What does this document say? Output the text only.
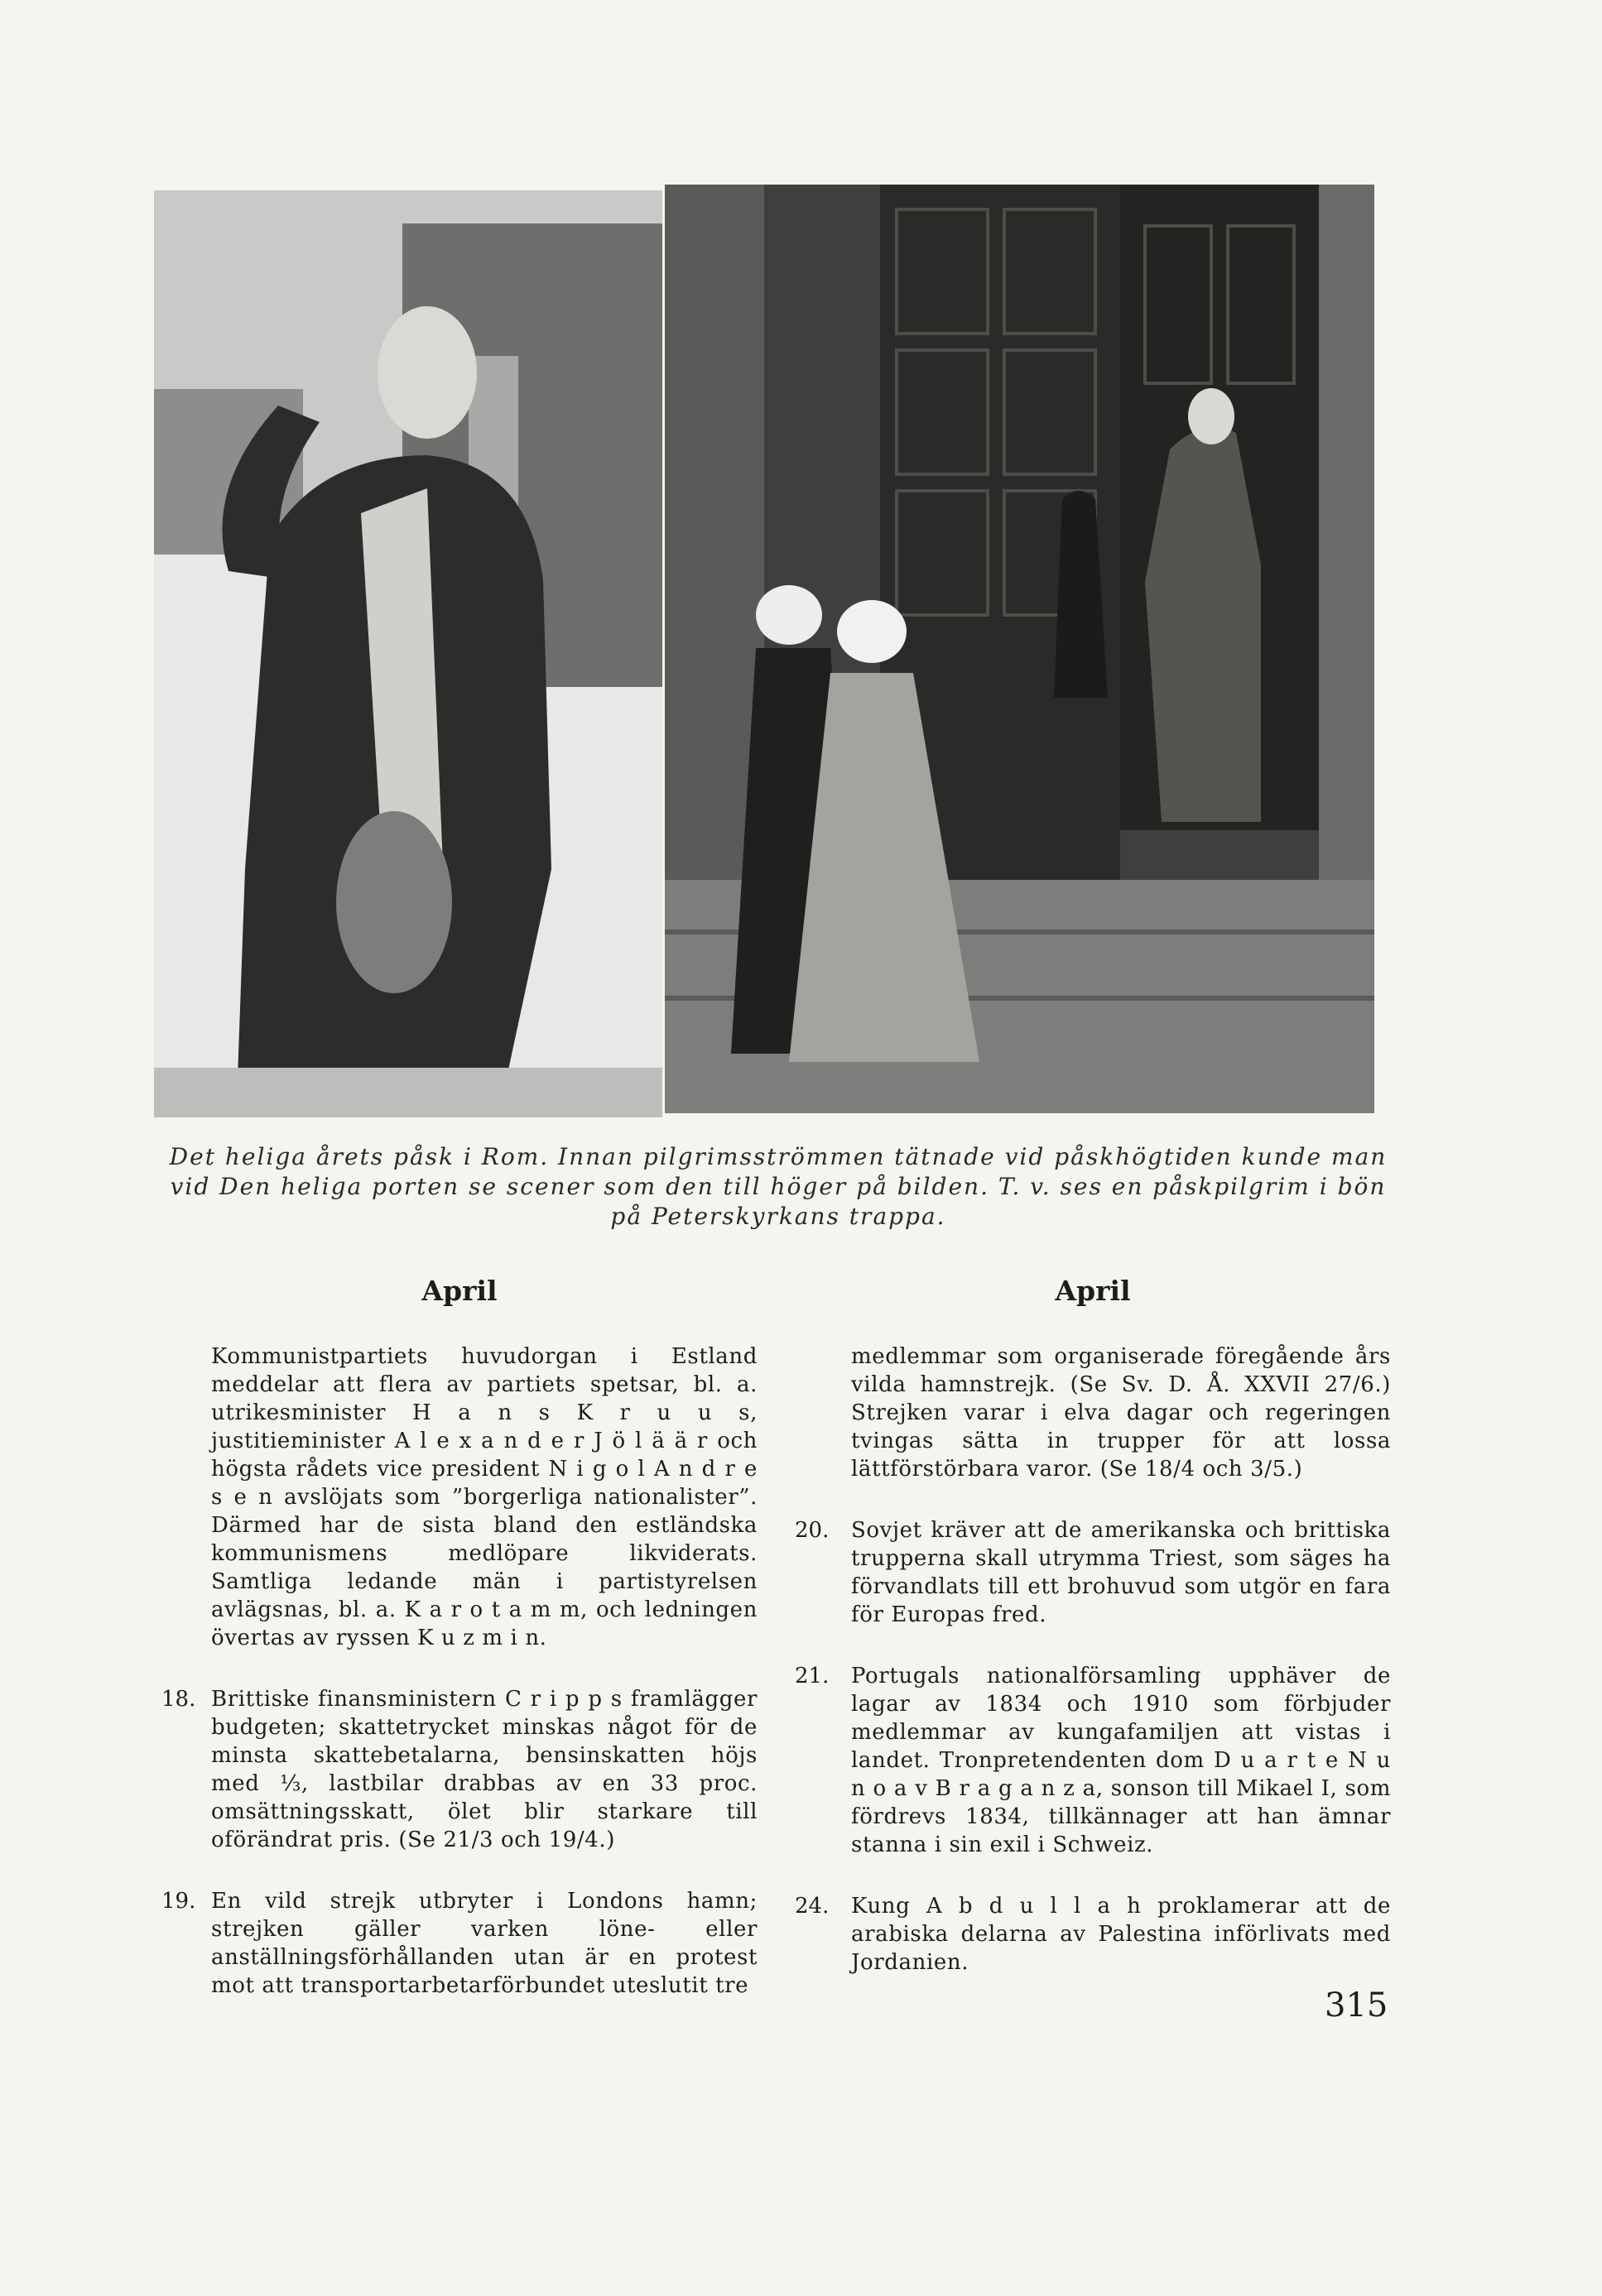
Det heliga årets påsk i Rom. Innan pilgrimsströmmen tätnade vid påskhögtiden kunde man

vid Den heliga porten se scener som den till höger på bilden. T. v. ses en påskpilgrim i bön

på Peterskyrkans trappa.

April
Kommunistpartiets huvudorgan i Estland meddelar att flera av partiets spetsar, bl. a. utrikesminister H a n s K r u u s, justitieminister A l e x a n d e r J ö l ä ä r och högsta rådets vice president N i g o l A n d r e s e n avslöjats som ”borgerliga nationalister”. Därmed har de sista bland den estländska kommunismens medlöpare likviderats. Samtliga ledande män i partistyrelsen avlägsnas, bl. a. K a r o t a m m, och ledningen övertas av ryssen K u z m i n.
18. Brittiske finansministern C r i p p s framlägger budgeten; skattetrycket minskas något för de minsta skattebetalarna, bensinskatten höjs med ⅓, lastbilar drabbas av en 33 proc. omsättningsskatt, ölet blir starkare till oförändrat pris. (Se 21/3 och 19/4.)
19. En vild strejk utbryter i Londons hamn; strejken gäller varken löne- eller anställningsförhållanden utan är en protest mot att transportarbetarförbundet uteslutit tre
April
medlemmar som organiserade föregående års vilda hamnstrejk. (Se Sv. D. Å. XXVII 27/6.) Strejken varar i elva dagar och regeringen tvingas sätta in trupper för att lossa lättförstörbara varor. (Se 18/4 och 3/5.)
20.	Sovjet kräver att de amerikanska och brittiska trupperna skall utrymma Triest, som säges ha förvandlats till ett brohuvud som utgör en fara för Europas fred.
21.	Portugals nationalförsamling upphäver de lagar av 1834 och 1910 som förbjuder medlemmar av kungafamiljen att vistas i landet. Tronpretendenten dom D u a r t e N u n o a v B r a g a n z a, sonson till Mikael I, som fördrevs 1834, tillkännager att han ämnar stanna i sin exil i Schweiz.
24.	Kung A b d u l l a h proklamerar att de arabiska delarna av Palestina införlivats med Jordanien.
315
